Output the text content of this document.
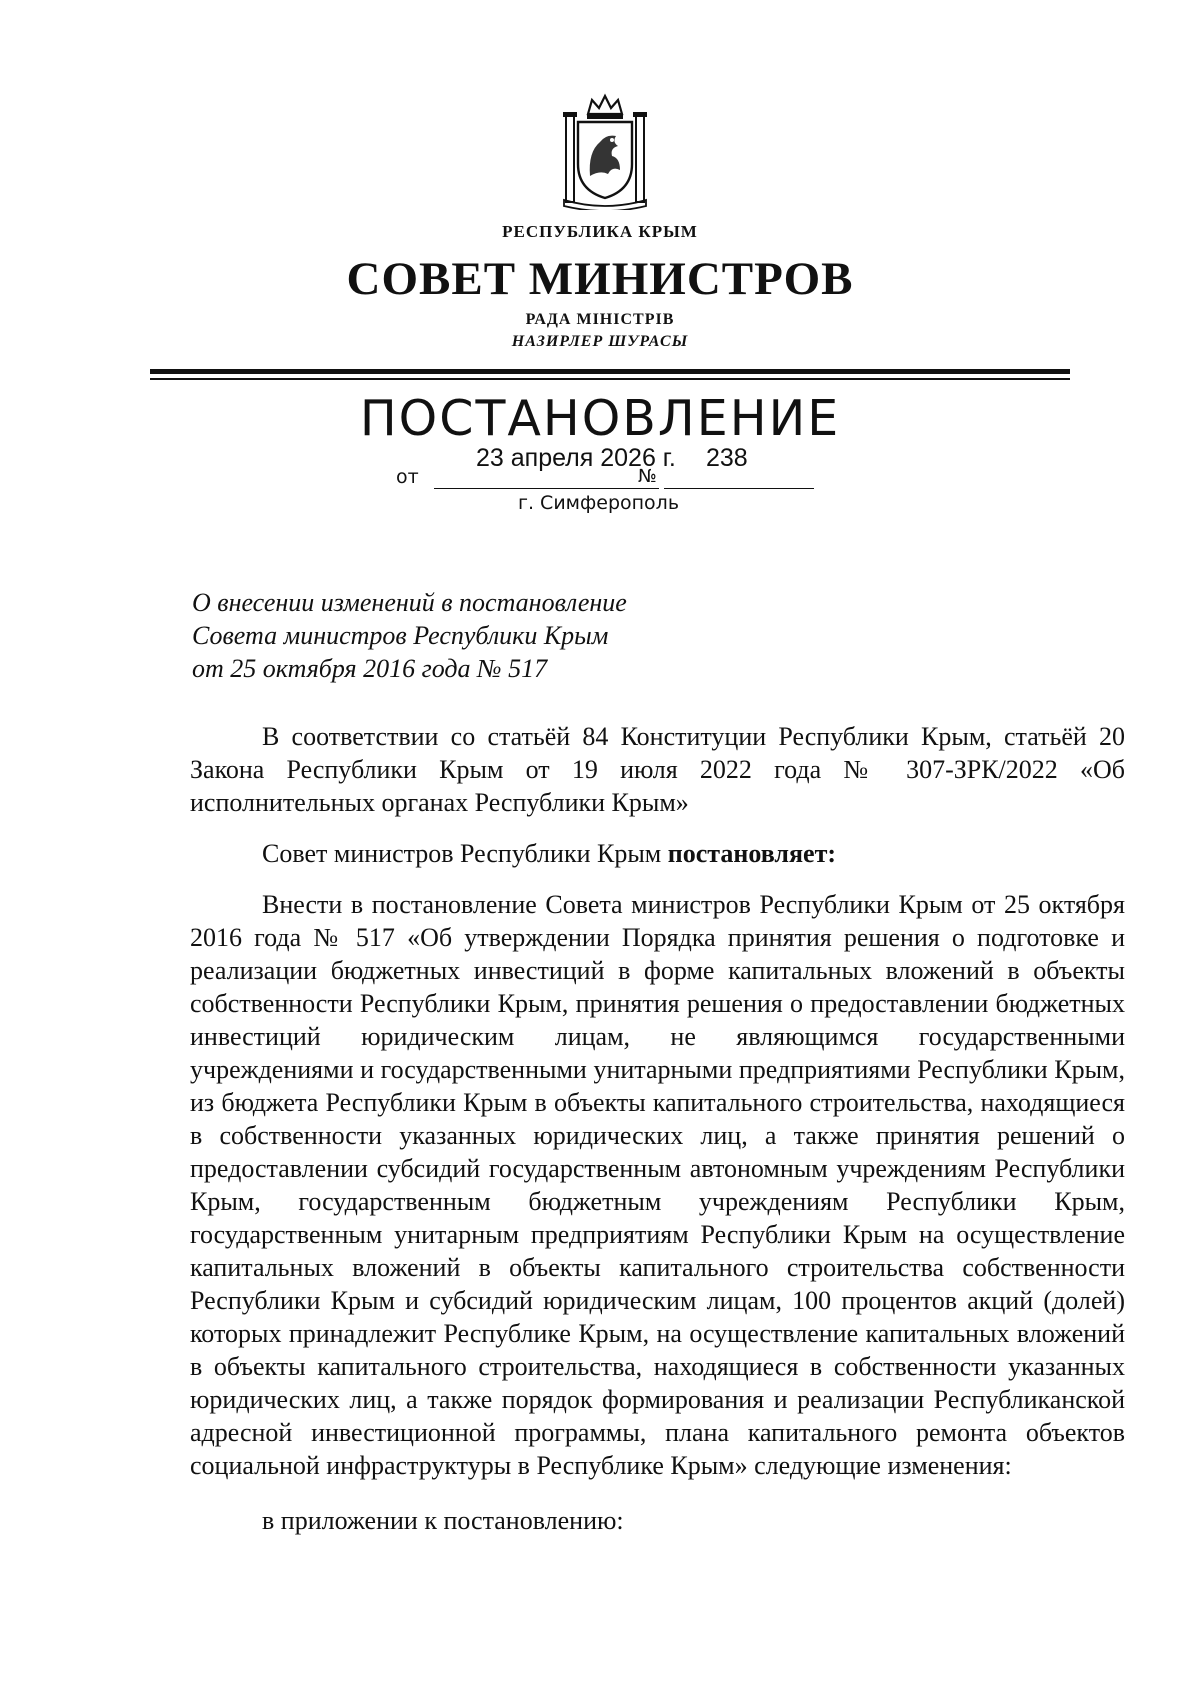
РЕСПУБЛИКА КРЫМ
СОВЕТ МИНИСТРОВ
РАДА МІНІСТРІВ
НАЗИРЛЕР ШУРАСЫ
ПОСТАНОВЛЕНИЕ
от
23 апреля 2026 г.
№
238
г. Симферополь
О внесении изменений в постановление
Совета министров Республики Крым
от 25 октября 2016 года № 517

В соответствии со статьёй 84 Конституции Республики Крым, статьёй 20 Закона Республики Крым от 19 июля 2022 года № 307-ЗРК/2022 «Об исполнительных органах Республики Крым»

Совет министров Республики Крым постановляет:

Внести в постановление Совета министров Республики Крым от 25 октября 2016 года № 517 «Об утверждении Порядка принятия решения о подготовке и реализации бюджетных инвестиций в форме капитальных вложений в объекты собственности Республики Крым, принятия решения о предоставлении бюджетных инвестиций юридическим лицам, не являющимся государственными учреждениями и государственными унитарными предприятиями Республики Крым, из бюджета Республики Крым в объекты капитального строительства, находящиеся в собственности указанных юридических лиц, а также принятия решений о предоставлении субсидий государственным автономным учреждениям Республики Крым, государственным бюджетным учреждениям Республики Крым, государственным унитарным предприятиям Республики Крым на осуществление капитальных вложений в объекты капитального строительства собственности Республики Крым и субсидий юридическим лицам, 100 процентов акций (долей) которых принадлежит Республике Крым, на осуществление капитальных вложений в объекты капитального строительства, находящиеся в собственности указанных юридических лиц, а также порядок формирования и реализации Республиканской адресной инвестиционной программы, плана капитального ремонта объектов социальной инфраструктуры в Республике Крым» следующие изменения:

в приложении к постановлению:
